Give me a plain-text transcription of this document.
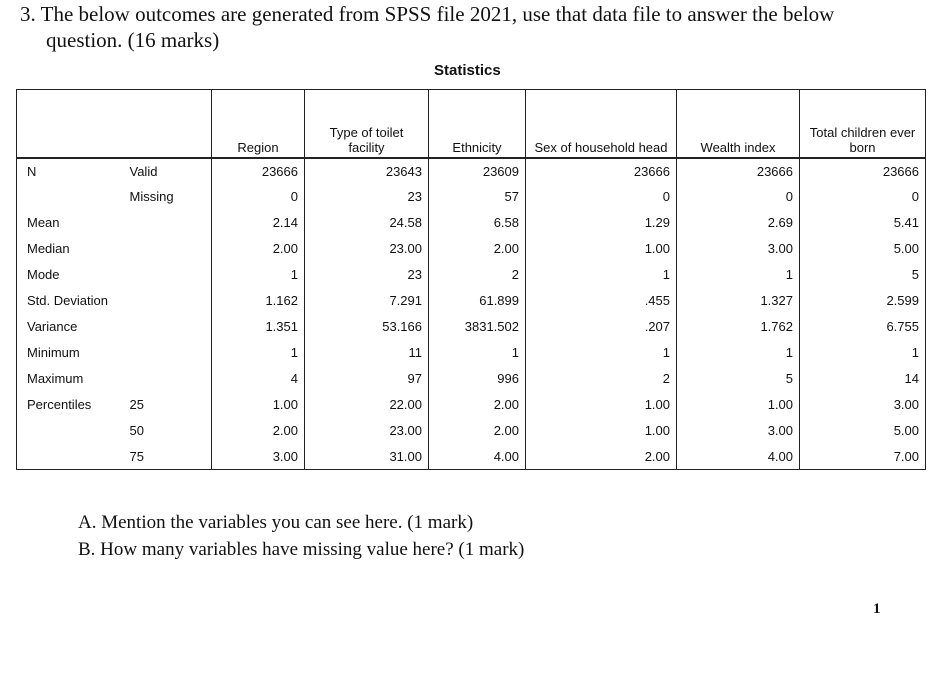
3. The below outcomes are generated from SPSS file 2021, use that data file to answer the below
question. (16 marks)
Statistics
		Region	Type of toilet facility	Ethnicity	Sex of household head	Wealth index	Total children ever born
N	Valid	23666	23643	23609	23666	23666	23666
	Missing	0	23	57	0	0	0
Mean		2.14	24.58	6.58	1.29	2.69	5.41
Median		2.00	23.00	2.00	1.00	3.00	5.00
Mode		1	23	2	1	1	5
Std. Deviation		1.162	7.291	61.899	.455	1.327	2.599
Variance		1.351	53.166	3831.502	.207	1.762	6.755
Minimum		1	11	1	1	1	1
Maximum		4	97	996	2	5	14
Percentiles	25	1.00	22.00	2.00	1.00	1.00	3.00
	50	2.00	23.00	2.00	1.00	3.00	5.00
	75	3.00	31.00	4.00	2.00	4.00	7.00
A. Mention the variables you can see here. (1 mark)
B. How many variables have missing value here? (1 mark)
1
